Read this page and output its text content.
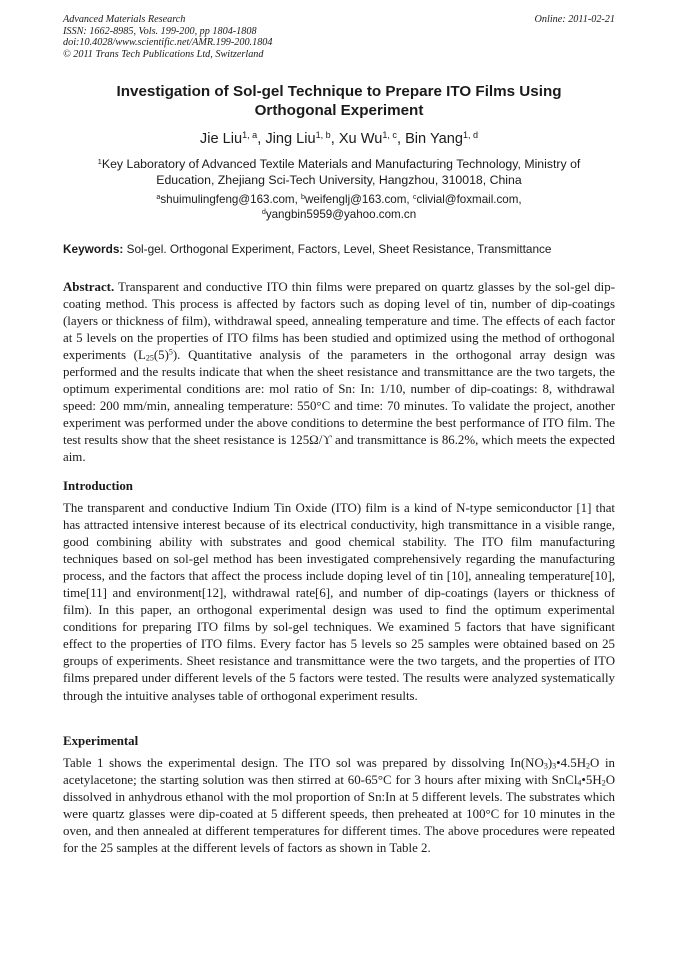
Advanced Materials Research
ISSN: 1662-8985, Vols. 199-200, pp 1804-1808
doi:10.4028/www.scientific.net/AMR.199-200.1804
© 2011 Trans Tech Publications Ltd, Switzerland
Online: 2011-02-21
Investigation of Sol-gel Technique to Prepare ITO Films Using
Orthogonal Experiment
Jie Liu$^{1, a}$, Jing Liu$^{1, b}$, Xu Wu$^{1, c}$, Bin Yang$^{1, d}$
$^1$Key Laboratory of Advanced Textile Materials and Manufacturing Technology, Ministry of
Education, Zhejiang Sci-Tech University, Hangzhou, 310018, China
$^a$shuimulingfeng@163.com, $^b$weifenglj@163.com, $^c$clivial@foxmail.com,
$^d$yangbin5959@yahoo.com.cn
Keywords: Sol-gel. Orthogonal Experiment, Factors, Level, Sheet Resistance, Transmittance

Abstract. Transparent and conductive ITO thin films were prepared on quartz glasses by the sol-gel dip-coating method. This process is affected by factors such as doping level of tin, number of dip-coatings (layers or thickness of film), withdrawal speed, annealing temperature and time. The effects of each factor at 5 levels on the properties of ITO films has been studied and optimized using the method of orthogonal experiments $(L_{25}(5)^5)$. Quantitative analysis of the parameters in the orthogonal array design was performed and the results indicate that when the sheet resistance and transmittance are the two targets, the optimum experimental conditions are: mol ratio of Sn: In: 1/10, number of dip-coatings: 8, withdrawal speed: 200 mm/min, annealing temperature: 550°C and time: 70 minutes. To validate the project, another experiment was performed under the above conditions to determine the best performance of ITO film. The test results show that the sheet resistance is 125Ω/ϒ and transmittance is 86.2%, which meets the expected aim.

Introduction

The transparent and conductive Indium Tin Oxide (ITO) film is a kind of N-type semiconductor [1] that has attracted intensive interest because of its electrical conductivity, high transmittance in a visible range, good combining ability with substrates and good chemical stability. The ITO film manufacturing techniques based on sol-gel method has been investigated comprehensively regarding the manufacturing process, and the factors that affect the process include doping level of tin [10], annealing temperature[10], time[11] and environment[12], withdrawal rate[6], and number of dip-coatings (layers or thickness of film). In this paper, an orthogonal experimental design was used to find the optimum experimental conditions for preparing ITO films by sol-gel techniques. We examined 5 factors that have significant effect to the properties of ITO films. Every factor has 5 levels so 25 samples were obtained based on 25 groups of experiments. Sheet resistance and transmittance were the two targets, and the properties of ITO films prepared under different levels of the 5 factors were tested. The results were analyzed systematically through the intuitive analyses table of orthogonal experiment results.

Experimental

Table 1 shows the experimental design. The ITO sol was prepared by dissolving $In(NO_3)_3•4.5H_2O$ in acetylacetone; the starting solution was then stirred at 60-65°C for 3 hours after mixing with $SnCl_4•5H_2O$ dissolved in anhydrous ethanol with the mol proportion of Sn:In at 5 different levels. The substrates which were quartz glasses were dip-coated at 5 different speeds, then preheated at 100°C for 10 minutes in the oven, and then annealed at different temperatures for different times. The above procedures were repeated for the 25 samples at the different levels of factors as shown in Table 2.
